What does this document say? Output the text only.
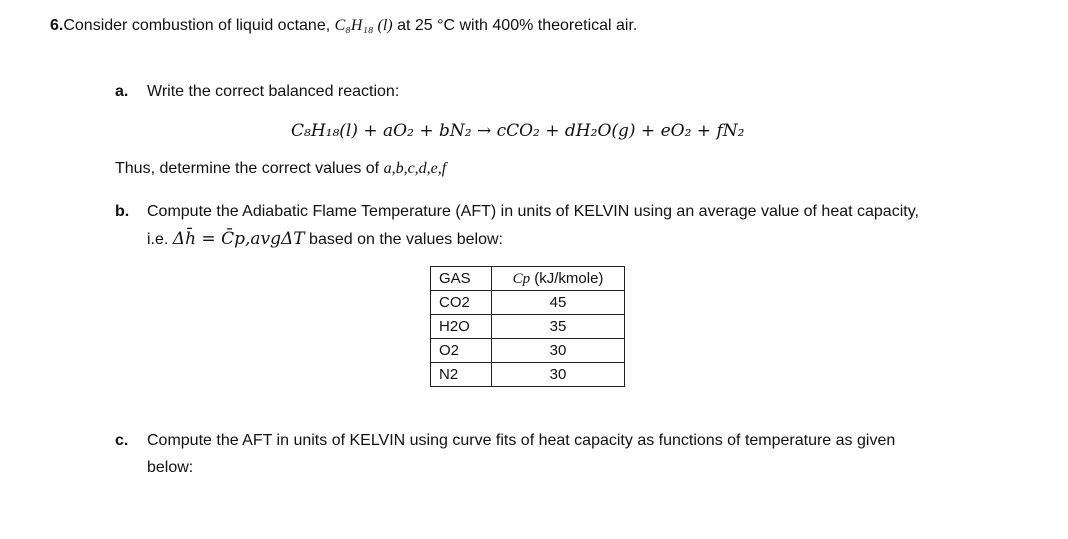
6.Consider combustion of liquid octane, C₈H₁₈ (l) at 25 °C with 400% theoretical air.
a. Write the correct balanced reaction:
C₈H₁₈(l) + aO₂ + bN₂ → cCO₂ + dH₂O(g) + eO₂ + fN₂
Thus, determine the correct values of a,b,c,d,e,f
b. Compute the Adiabatic Flame Temperature (AFT) in units of KELVIN using an average value of heat capacity,
i.e. Δh̄ = C̄p,avgΔT based on the values below:
GAS	Cp (kJ/kmole)
CO2	45
H2O	35
O2	30
N2	30
c. Compute the AFT in units of KELVIN using curve fits of heat capacity as functions of temperature as given
below:
